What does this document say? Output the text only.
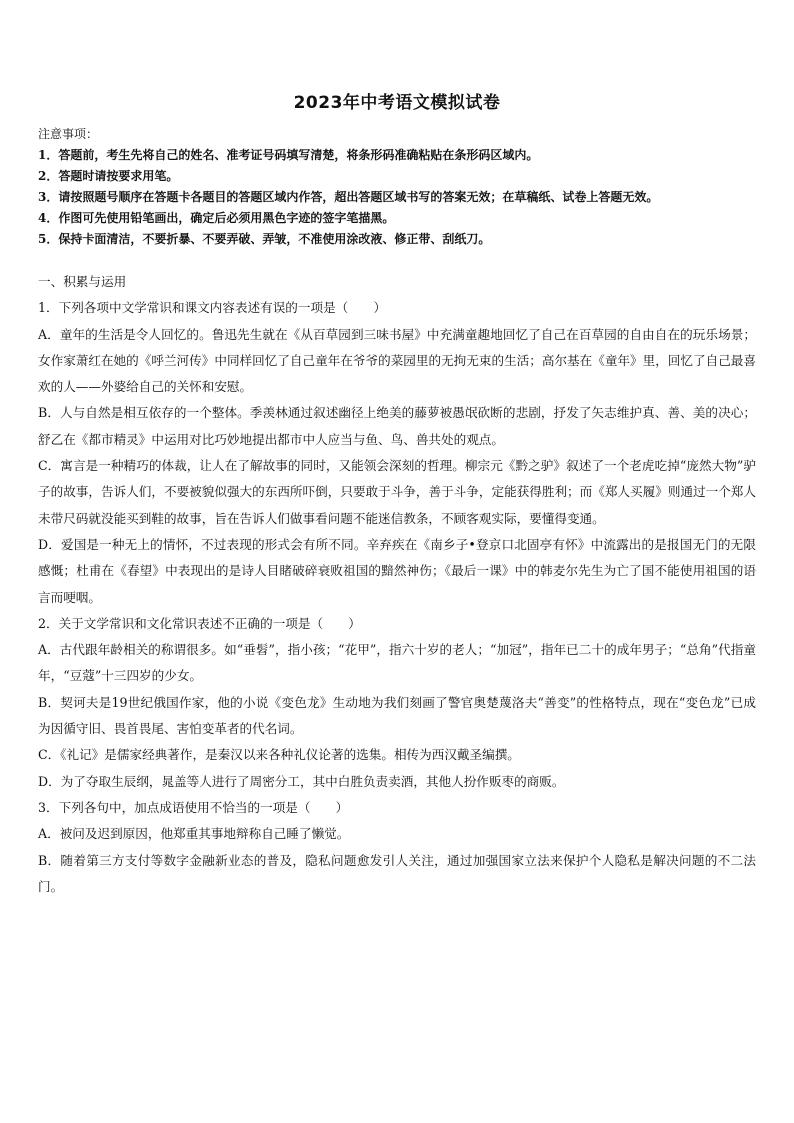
2023年中考语文模拟试卷

注意事项：

1．答题前，考生先将自己的姓名、准考证号码填写清楚，将条形码准确粘贴在条形码区域内。

2．答题时请按要求用笔。

3．请按照题号顺序在答题卡各题目的答题区域内作答，超出答题区域书写的答案无效；在草稿纸、试卷上答题无效。

4．作图可先使用铅笔画出，确定后必须用黑色字迹的签字笔描黑。

5．保持卡面清洁，不要折暴、不要弄破、弄皱，不准使用涂改液、修正带、刮纸刀。

一、积累与运用

1．下列各项中文学常识和课文内容表述有误的一项是（　　）

A．童年的生活是令人回忆的。鲁迅先生就在《从百草园到三味书屋》中充满童趣地回忆了自己在百草园的自由自在的玩乐场景；女作家萧红在她的《呼兰河传》中同样回忆了自己童年在爷爷的菜园里的无拘无束的生活；高尔基在《童年》里，回忆了自己最喜欢的人——外婆给自己的关怀和安慰。

B．人与自然是相互依存的一个整体。季羡林通过叙述幽径上绝美的藤萝被愚氓砍断的悲剧，抒发了矢志维护真、善、美的决心；舒乙在《都市精灵》中运用对比巧妙地提出都市中人应当与鱼、鸟、兽共处的观点。

C．寓言是一种精巧的体裁，让人在了解故事的同时，又能领会深刻的哲理。柳宗元《黔之驴》叙述了一个老虎吃掉“庞然大物”驴子的故事，告诉人们，不要被貌似强大的东西所吓倒，只要敢于斗争，善于斗争，定能获得胜利；而《郑人买履》则通过一个郑人未带尺码就没能买到鞋的故事，旨在告诉人们做事看问题不能迷信教条，不顾客观实际，要懂得变通。

D．爱国是一种无上的情怀，不过表现的形式会有所不同。辛弃疾在《南乡子•登京口北固亭有怀》中流露出的是报国无门的无限感慨；杜甫在《春望》中表现出的是诗人目睹破碎衰败祖国的黯然神伤；《最后一课》中的韩麦尔先生为亡了国不能使用祖国的语言而哽咽。

2．关于文学常识和文化常识表述不正确的一项是（　　）

A．古代跟年龄相关的称谓很多。如“垂髫”，指小孩；“花甲”，指六十岁的老人；“加冠”，指年已二十的成年男子；“总角”代指童年，“豆蔻”十三四岁的少女。

B．契诃夫是19世纪俄国作家，他的小说《变色龙》生动地为我们刻画了警官奥楚蔑洛夫“善变”的性格特点，现在“变色龙”已成为因循守旧、畏首畏尾、害怕变革者的代名词。

C．《礼记》是儒家经典著作，是秦汉以来各种礼仪论著的选集。相传为西汉戴圣编撰。

D．为了夺取生辰纲，晁盖等人进行了周密分工，其中白胜负责卖酒，其他人扮作贩枣的商贩。

3．下列各句中，加点成语使用不恰当的一项是（　　）

A．被问及迟到原因，他郑重其事地辩称自己睡了懒觉。

B．随着第三方支付等数字金融新业态的普及，隐私问题愈发引人关注，通过加强国家立法来保护个人隐私是解决问题的不二法门。
